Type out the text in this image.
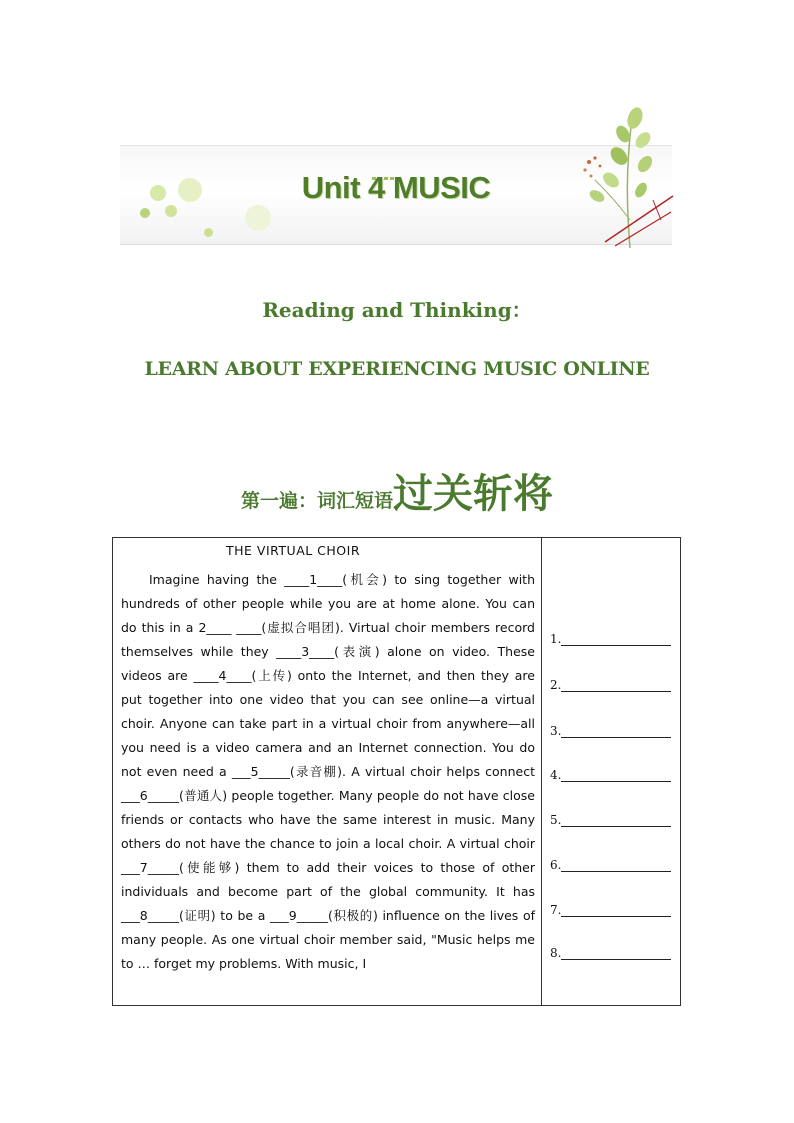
Unit 4 MUSIC
Reading and Thinking：
LEARN ABOUT EXPERIENCING MUSIC ONLINE
第一遍：词汇短语过关斩将
THE VIRTUAL CHOIR
Imagine having the ____1____(机会) to sing together with hundreds of other people while you are at home alone. You can do this in a 2____ ____(虚拟合唱团). Virtual choir members record themselves while they ____3____(表演) alone on video. These videos are ____4____(上传) onto the Internet, and then they are put together into one video that you can see online—a virtual choir. Anyone can take part in a virtual choir from anywhere—all you need is a video camera and an Internet connection. You do not even need a ___5_____(录音棚). A virtual choir helps connect ___6_____(普通人) people together. Many people do not have close friends or contacts who have the same interest in music. Many others do not have the chance to join a local choir. A virtual choir ___7_____(使能够) them to add their voices to those of other individuals and become part of the global community. It has ___8_____(证明) to be a ___9_____(积极的) influence on the lives of many people. As one virtual choir member said, "Music helps me to … forget my problems. With music, I

1.
2.
3.
4.
5.
6.
7.
8.
